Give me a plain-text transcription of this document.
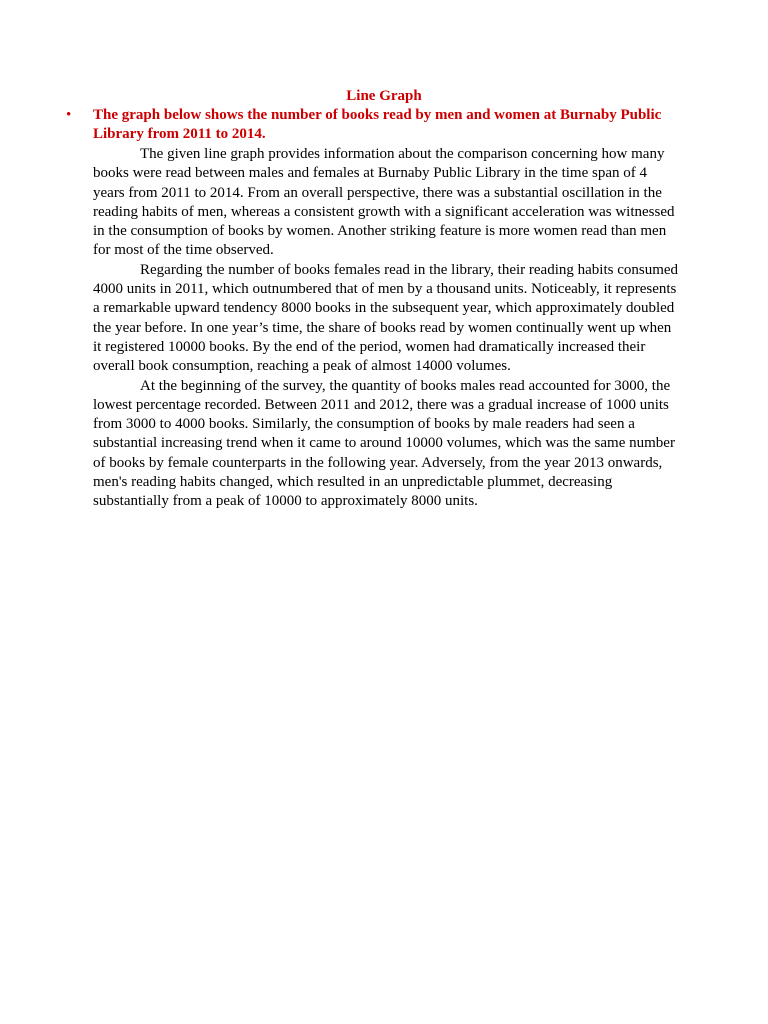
Line Graph
• The graph below shows the number of books read by men and women at Burnaby Public Library from 2011 to 2014.

The given line graph provides information about the comparison concerning how many books were read between males and females at Burnaby Public Library in the time span of 4 years from 2011 to 2014. From an overall perspective, there was a substantial oscillation in the reading habits of men, whereas a consistent growth with a significant acceleration was witnessed in the consumption of books by women. Another striking feature is more women read than men for most of the time observed.

Regarding the number of books females read in the library, their reading habits consumed 4000 units in 2011, which outnumbered that of men by a thousand units. Noticeably, it represents a remarkable upward tendency 8000 books in the subsequent year, which approximately doubled the year before. In one year’s time, the share of books read by women continually went up when it registered 10000 books. By the end of the period, women had dramatically increased their overall book consumption, reaching a peak of almost 14000 volumes.

At the beginning of the survey, the quantity of books males read accounted for 3000, the lowest percentage recorded. Between 2011 and 2012, there was a gradual increase of 1000 units from 3000 to 4000 books. Similarly, the consumption of books by male readers had seen a substantial increasing trend when it came to around 10000 volumes, which was the same number of books by female counterparts in the following year. Adversely, from the year 2013 onwards, men's reading habits changed, which resulted in an unpredictable plummet, decreasing substantially from a peak of 10000 to approximately 8000 units.
